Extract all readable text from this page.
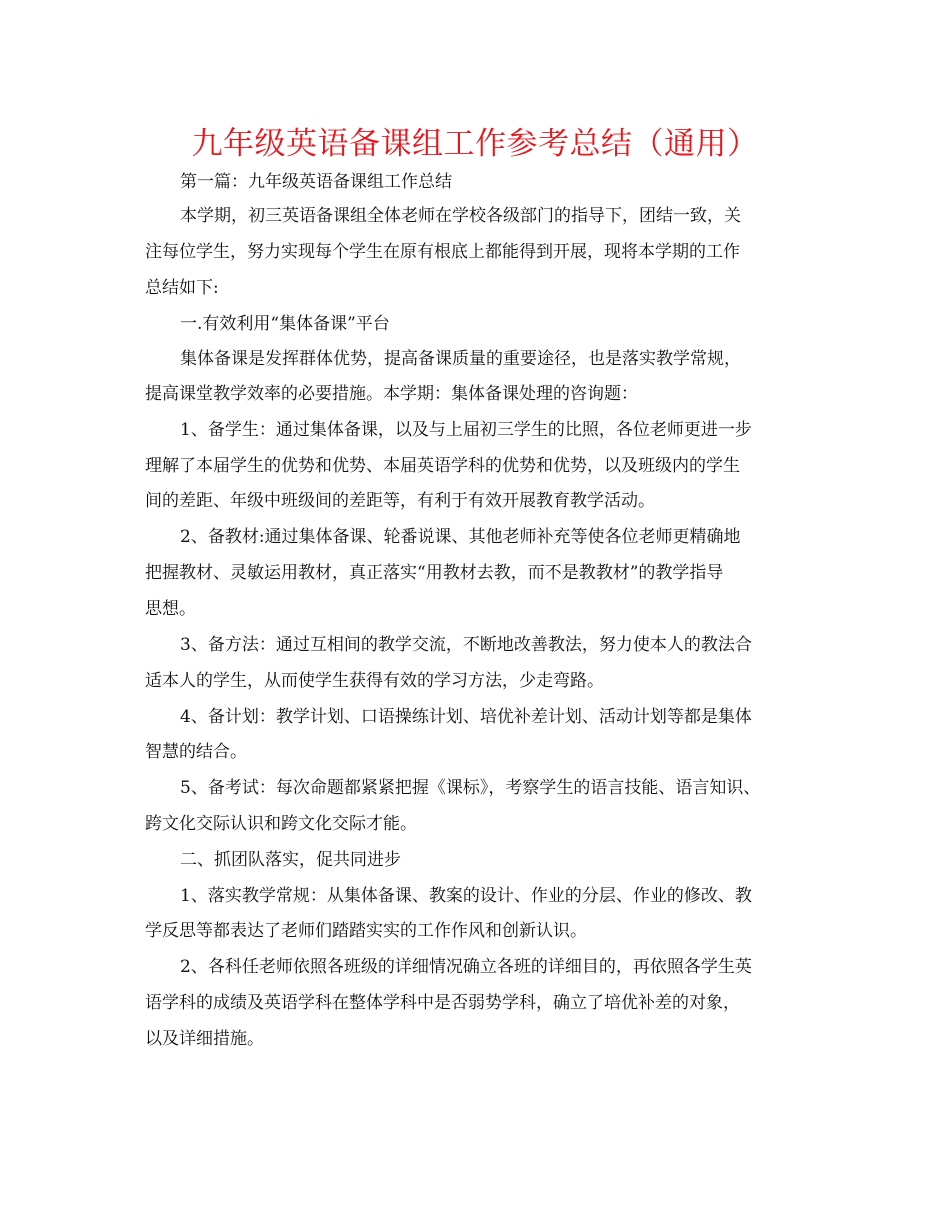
九年级英语备课组工作参考总结（通用）

第一篇：九年级英语备课组工作总结

本学期，初三英语备课组全体老师在学校各级部门的指导下，团结一致，关

注每位学生，努力实现每个学生在原有根底上都能得到开展，现将本学期的工作

总结如下:

一.有效利用“集体备课”平台

集体备课是发挥群体优势，提高备课质量的重要途径，也是落实教学常规，

提高课堂教学效率的必要措施。本学期：集体备课处理的咨询题：

1、备学生：通过集体备课，以及与上届初三学生的比照，各位老师更进一步

理解了本届学生的优势和优势、本届英语学科的优势和优势，以及班级内的学生

间的差距、年级中班级间的差距等，有利于有效开展教育教学活动。

2、备教材:通过集体备课、轮番说课、其他老师补充等使各位老师更精确地

把握教材、灵敏运用教材，真正落实“用教材去教，而不是教教材”的教学指导

思想。

3、备方法：通过互相间的教学交流，不断地改善教法，努力使本人的教法合

适本人的学生，从而使学生获得有效的学习方法，少走弯路。

4、备计划：教学计划、口语操练计划、培优补差计划、活动计划等都是集体

智慧的结合。

5、备考试：每次命题都紧紧把握《课标》，考察学生的语言技能、语言知识、

跨文化交际认识和跨文化交际才能。

二、抓团队落实，促共同进步

1、落实教学常规：从集体备课、教案的设计、作业的分层、作业的修改、教

学反思等都表达了老师们踏踏实实的工作作风和创新认识。

2、各科任老师依照各班级的详细情况确立各班的详细目的，再依照各学生英

语学科的成绩及英语学科在整体学科中是否弱势学科，确立了培优补差的对象，

以及详细措施。
